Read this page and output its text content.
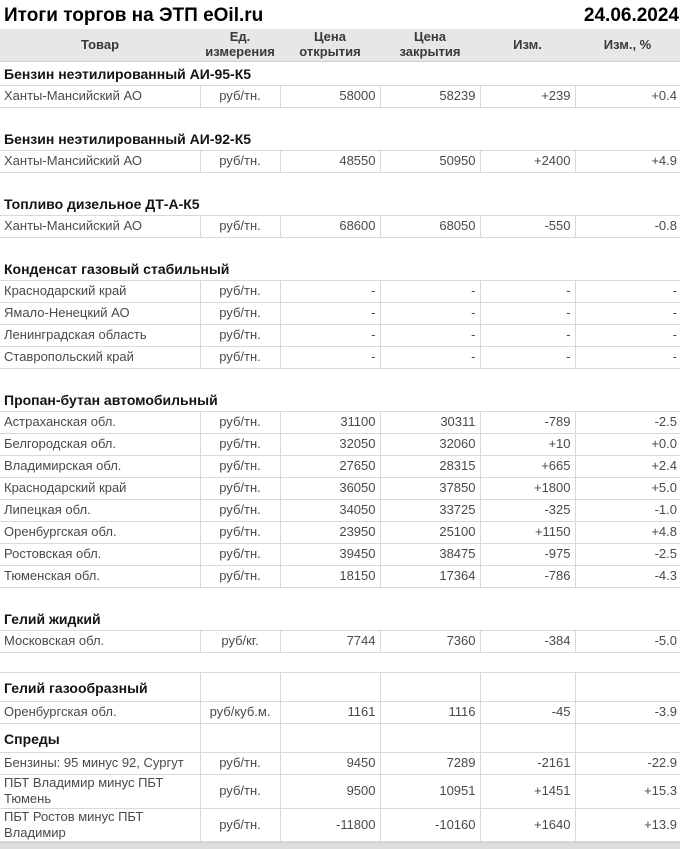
Итоги торгов на ЭТП eOil.ru	24.06.2024
Товар	Ед. измерения	Цена открытия	Цена закрытия	Изм.	Изм., %
Бензин неэтилированный АИ-95-К5					
Ханты-Мансийский АО	руб/тн.	58000	58239	+239	+0.4

Бензин неэтилированный АИ-92-К5					
Ханты-Мансийский АО	руб/тн.	48550	50950	+2400	+4.9

Топливо дизельное ДТ-А-К5					
Ханты-Мансийский АО	руб/тн.	68600	68050	-550	-0.8

Конденсат газовый стабильный					
Краснодарский край	руб/тн.	-	-	-	-
Ямало-Ненецкий АО	руб/тн.	-	-	-	-
Ленинградская область	руб/тн.	-	-	-	-
Ставропольский край	руб/тн.	-	-	-	-

Пропан-бутан автомобильный					
Астраханская обл.	руб/тн.	31100	30311	-789	-2.5
Белгородская обл.	руб/тн.	32050	32060	+10	+0.0
Владимирская обл.	руб/тн.	27650	28315	+665	+2.4
Краснодарский край	руб/тн.	36050	37850	+1800	+5.0
Липецкая обл.	руб/тн.	34050	33725	-325	-1.0
Оренбургская обл.	руб/тн.	23950	25100	+1150	+4.8
Ростовская обл.	руб/тн.	39450	38475	-975	-2.5
Тюменская обл.	руб/тн.	18150	17364	-786	-4.3

Гелий жидкий					
Московская обл.	руб/кг.	7744	7360	-384	-5.0

Гелий газообразный					
Оренбургская обл.	руб/куб.м.	1161	1116	-45	-3.9
Спреды					
Бензины: 95 минус 92, Сургут	руб/тн.	9450	7289	-2161	-22.9
ПБТ Владимир минус ПБТ Тюмень	руб/тн.	9500	10951	+1451	+15.3
ПБТ Ростов минус ПБТ Владимир	руб/тн.	-11800	-10160	+1640	+13.9
